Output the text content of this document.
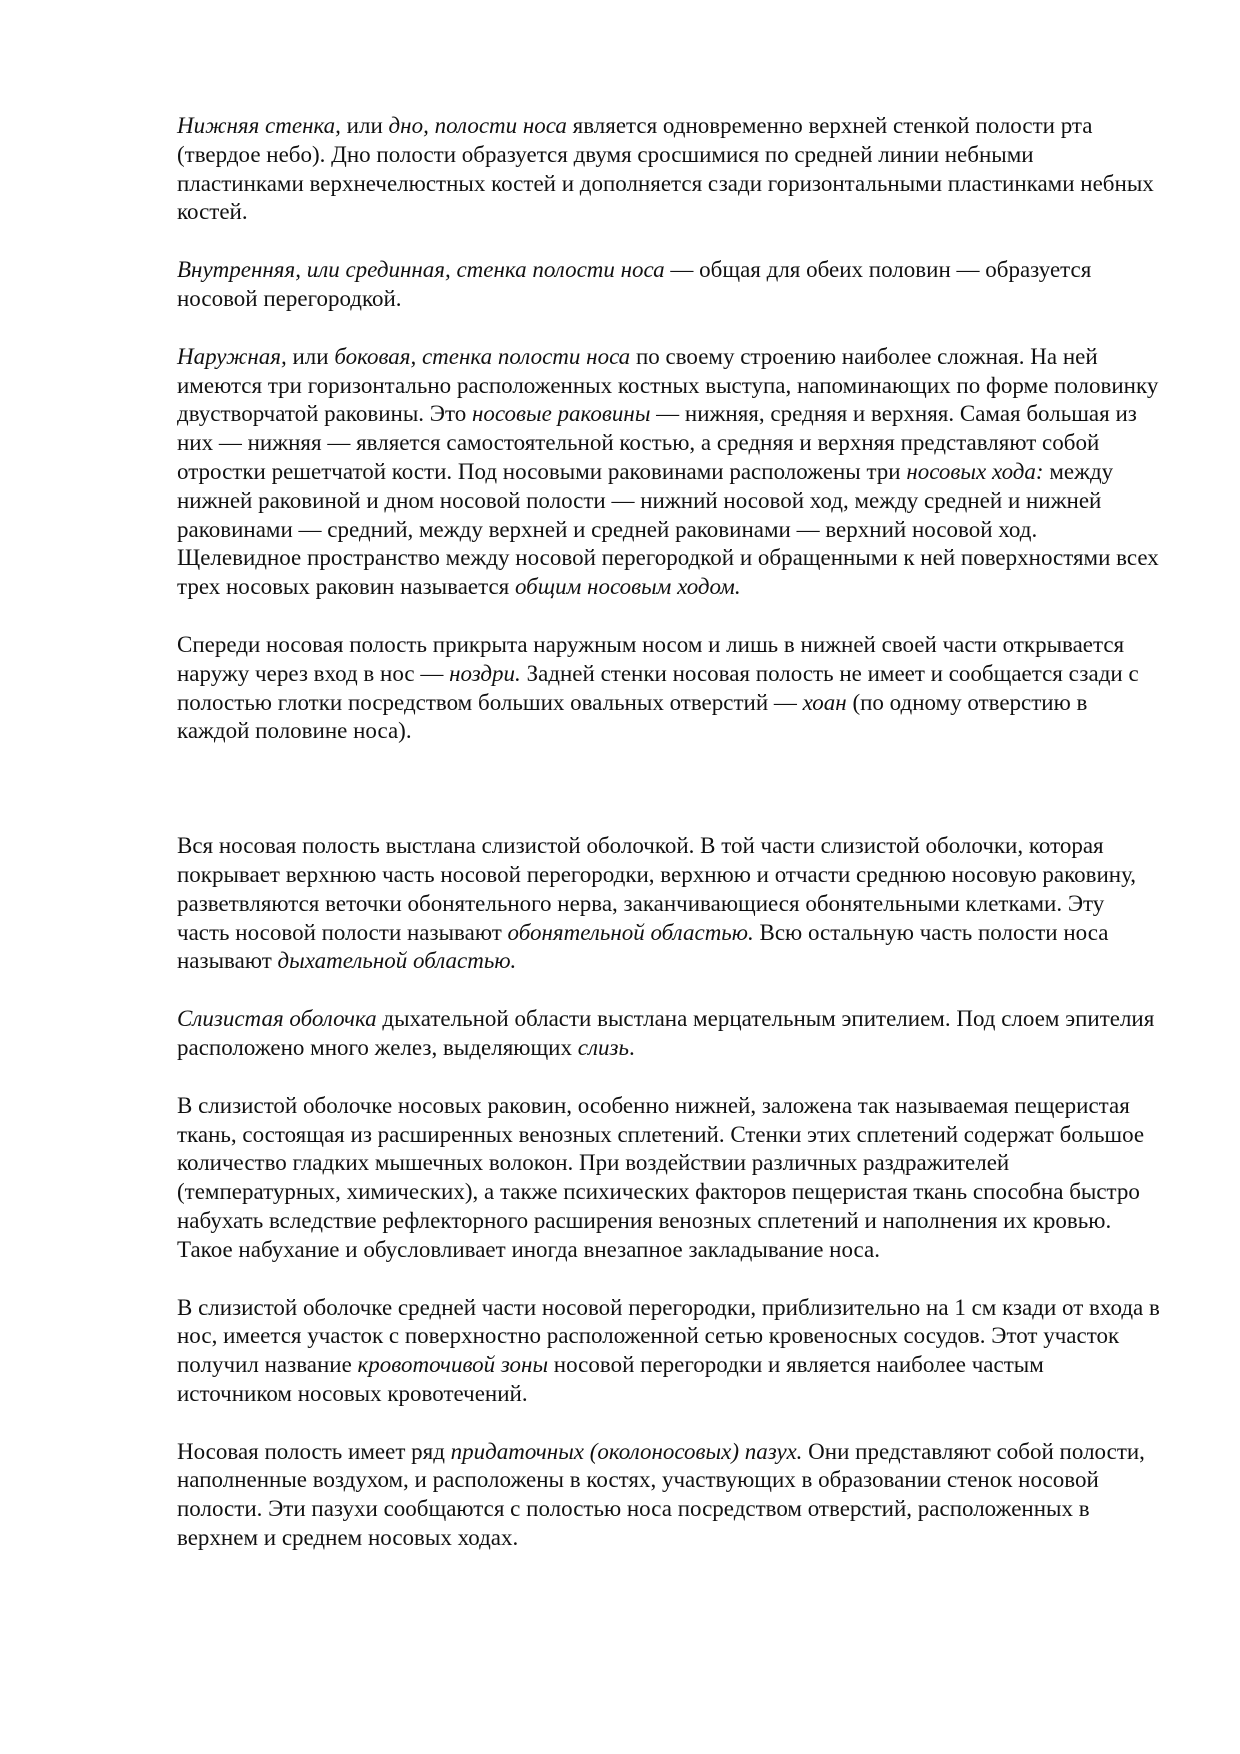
Нижняя стенка, или дно, полости носа является одновременно верхней стенкой полости рта (твердое небо). Дно полости образуется двумя сросшимися по средней линии небными пластинками верхнечелюстных костей и дополняется сзади горизонтальными пластинками небных костей.

Внутренняя, или срединная, стенка полости носа — общая для обеих половин — образуется носовой перегородкой.

Наружная, или боковая, стенка полости носа по своему строению наиболее сложная. На ней имеются три горизонтально расположенных костных выступа, напоминающих по форме половинку двустворчатой раковины. Это носовые раковины — нижняя, средняя и верхняя. Самая большая из них — нижняя — является самостоятельной костью, а средняя и верхняя представляют собой отростки решетчатой кости. Под носовыми раковинами расположены три носовых хода: между нижней раковиной и дном носовой полости — нижний носовой ход, между средней и нижней раковинами — средний, между верхней и средней раковинами — верхний носовой ход. Щелевидное пространство между носовой перегородкой и обращенными к ней поверхностями всех трех носовых раковин называется общим носовым ходом.

Спереди носовая полость прикрыта наружным носом и лишь в нижней своей части открывается наружу через вход в нос — ноздри. Задней стенки носовая полость не имеет и сообщается сзади с полостью глотки посредством больших овальных отверстий — хоан (по одному отверстию в каждой половине носа).

Вся носовая полость выстлана слизистой оболочкой. В той части слизистой оболочки, которая покрывает верхнюю часть носовой перегородки, верхнюю и отчасти среднюю носовую раковину, разветвляются веточки обонятельного нерва, заканчивающиеся обонятельными клетками. Эту часть носовой полости называют обонятельной областью. Всю остальную часть полости носа называют дыхательной областью.

Слизистая оболочка дыхательной области выстлана мерцательным эпителием. Под слоем эпителия расположено много желез, выделяющих слизь.

В слизистой оболочке носовых раковин, особенно нижней, заложена так называемая пещеристая ткань, состоящая из расширенных венозных сплетений. Стенки этих сплетений содержат большое количество гладких мышечных волокон. При воздействии различных раздражителей (температурных, химических), а также психических факторов пещеристая ткань способна быстро набухать вследствие рефлекторного расширения венозных сплетений и наполнения их кровью. Такое набухание и обусловливает иногда внезапное закладывание носа.

В слизистой оболочке средней части носовой перегородки, приблизительно на 1 см кзади от входа в нос, имеется участок с поверхностно расположенной сетью кровеносных сосудов. Этот участок получил название кровоточивой зоны носовой перегородки и является наиболее частым источником носовых кровотечений.

Носовая полость имеет ряд придаточных (околоносовых) пазух. Они представляют собой полости, наполненные воздухом, и расположены в костях, участвующих в образовании стенок носовой полости. Эти пазухи сообщаются с полостью носа посредством отверстий, расположенных в верхнем и среднем носовых ходах.
